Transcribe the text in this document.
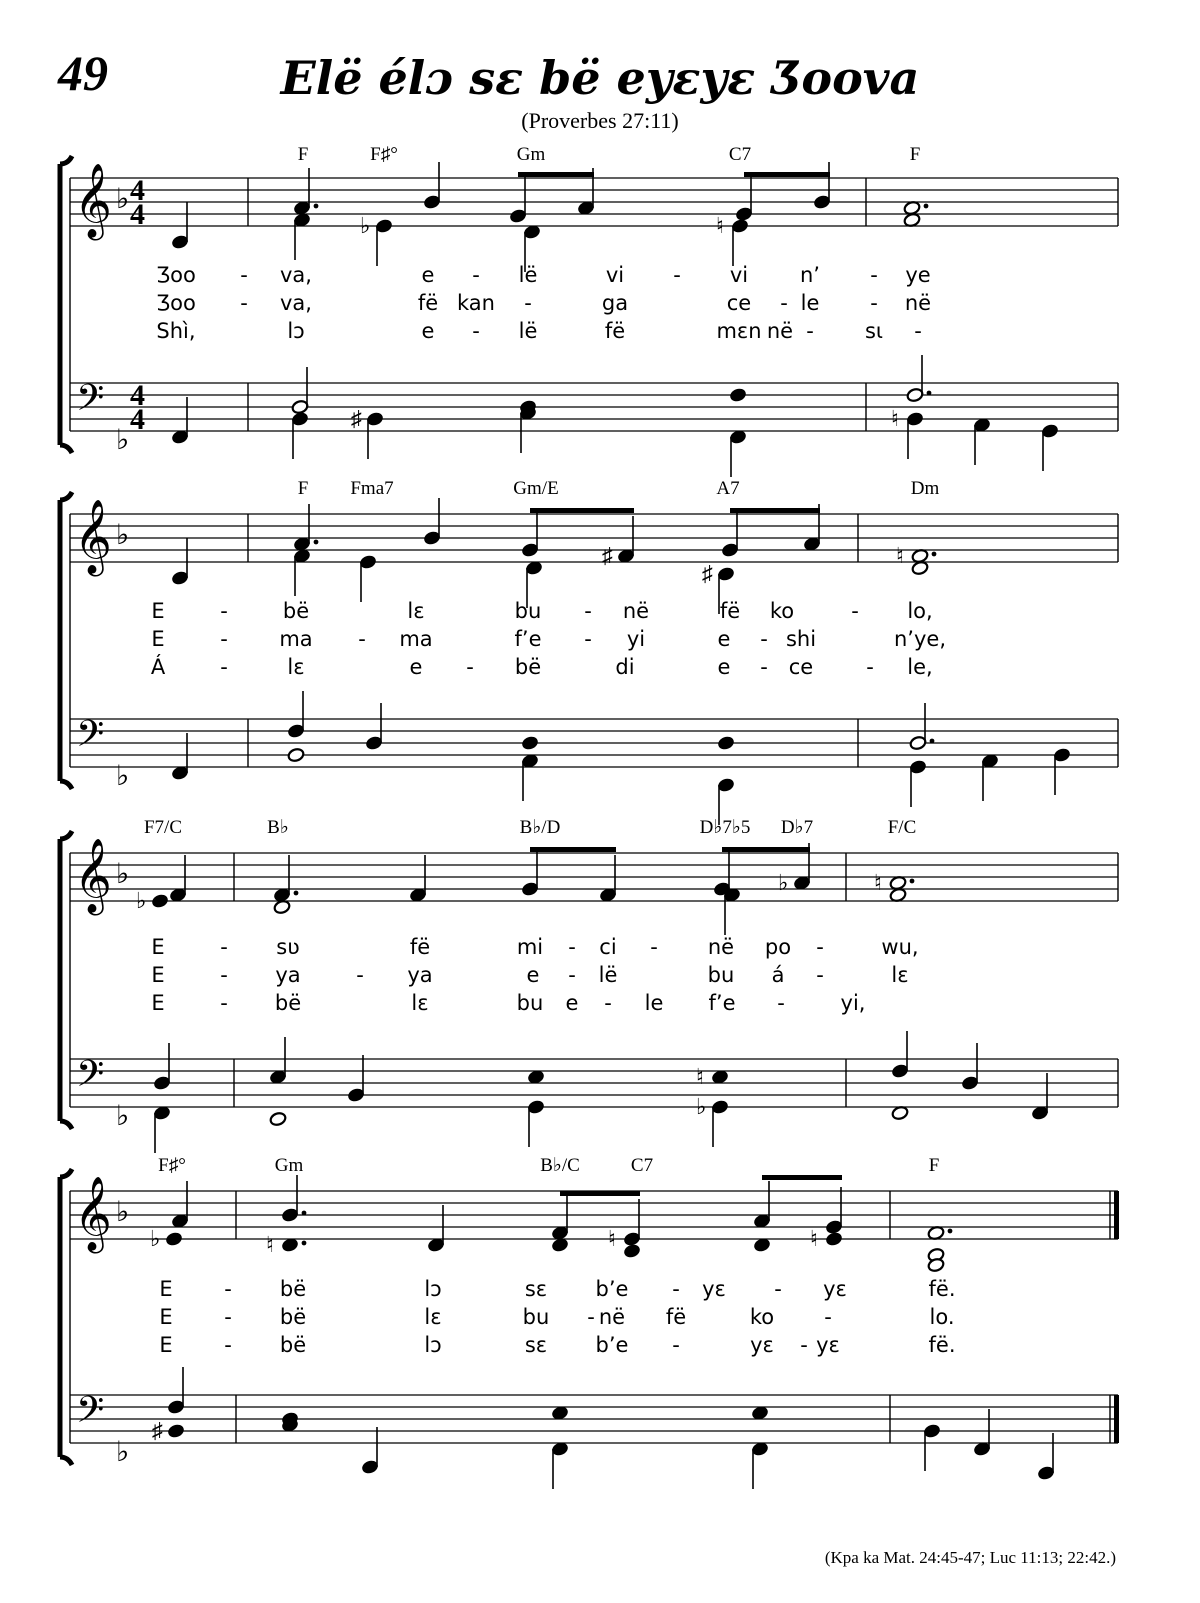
49	Elë élɔ sɛ bë eyɛyɛ Ʒoova
(Proverbes 27:11)
𝄞 ♭ 4
4
𝄢
♭
4
4
F	F♯°	Gm	C7	F
Ʒoo - va,	e - lë	vi - vi n’ - ye
Ʒoo - va,	fë kan -	ga	ce - le - në
Shì,	lɔ	e - lë	fë	mɛn - sɩ -
në
𝄞 ♭
𝄢
♭
F Fma7	Gm/E	A7	Dm
E	-	bë	lɛ	bu - në	fë ko	- lo,
E	- ma - ma	f’e - yi	e - shi	n’ye,
Á	-	lɛ	e - bë	di	e - ce	- le,
𝄞 ♭
𝄢
♭
F7/C	B♭	B♭/D	D♭7♭5 D♭7	F/C
E	- sʋ	fë	mi - ci - në po -	wu,
E	- ya	- ya	e - lë	bu á -	lɛ
E	- bë	lɛ	bu e - le f’e -	yi,
𝄞 ♭
𝄢
♭
F♯°	Gm	B♭/C	C7	F
E - bë	lɔ	sɛ b’e - yɛ - yɛ	fë.
E - bë	lɛ	bu - në fë	ko -	lo.
E - bë	lɔ	sɛ b’e -	yɛ - yɛ	fë.
♭	♮
♯	♮
♯
♯
♮
♭
♭	♮
♮
♭
♭	♮	♮	♮
♯
(Kpa ka Mat. 24:45-47; Luc 11:13; 22:42.)
